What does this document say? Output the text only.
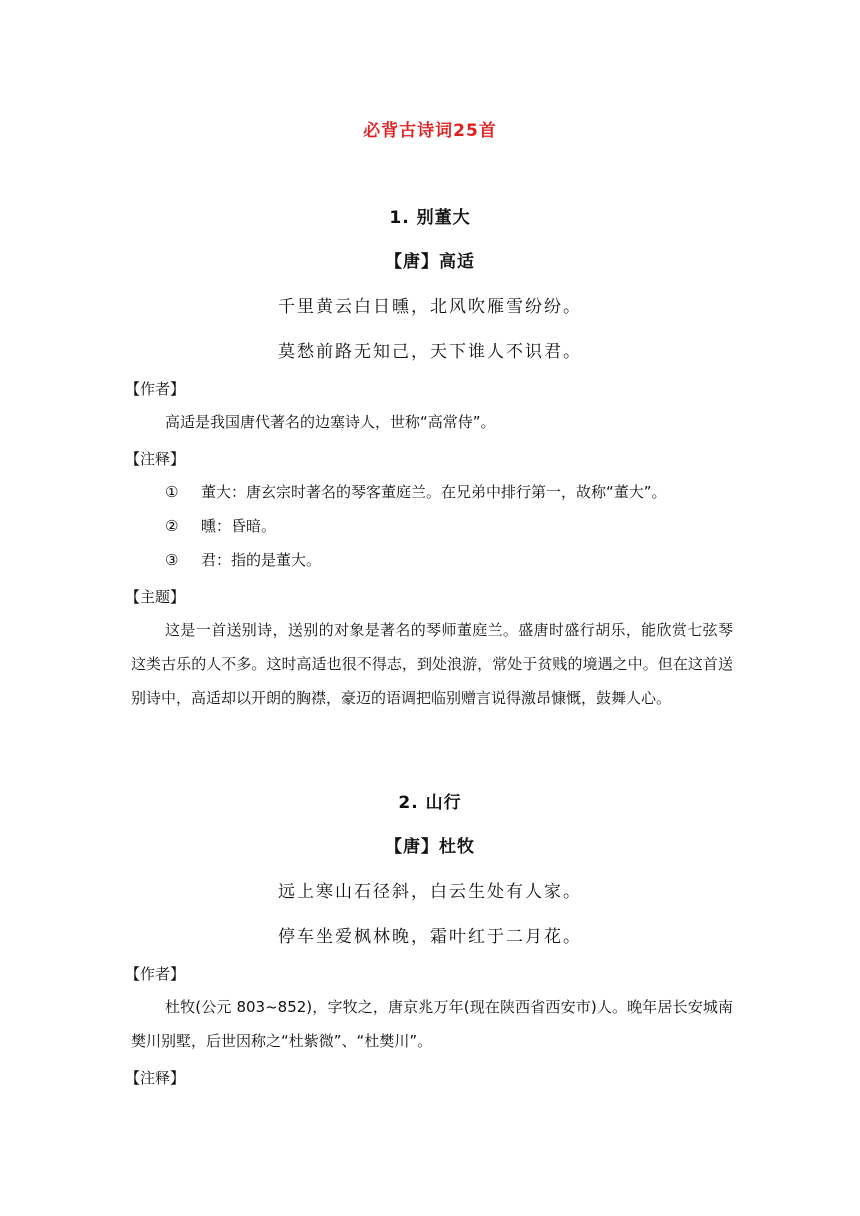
必背古诗词25首
1. 别董大
【唐】高适
千里黄云白日曛，北风吹雁雪纷纷。
莫愁前路无知己，天下谁人不识君。
【作者】
高适是我国唐代著名的边塞诗人，世称“高常侍”。
【注释】
① 董大：唐玄宗时著名的琴客董庭兰。在兄弟中排行第一，故称“董大”。
② 曛：昏暗。
③ 君：指的是董大。
【主题】
这是一首送别诗，送别的对象是著名的琴师董庭兰。盛唐时盛行胡乐，能欣赏七弦琴这类古乐的人不多。这时高适也很不得志，到处浪游，常处于贫贱的境遇之中。但在这首送别诗中，高适却以开朗的胸襟，豪迈的语调把临别赠言说得激昂慷慨，鼓舞人心。
2. 山行
【唐】杜牧
远上寒山石径斜，白云生处有人家。
停车坐爱枫林晚，霜叶红于二月花。
【作者】
杜牧(公元 803~852)，字牧之，唐京兆万年(现在陕西省西安市)人。晚年居长安城南樊川别墅，后世因称之“杜紫微”、“杜樊川”。
【注释】
